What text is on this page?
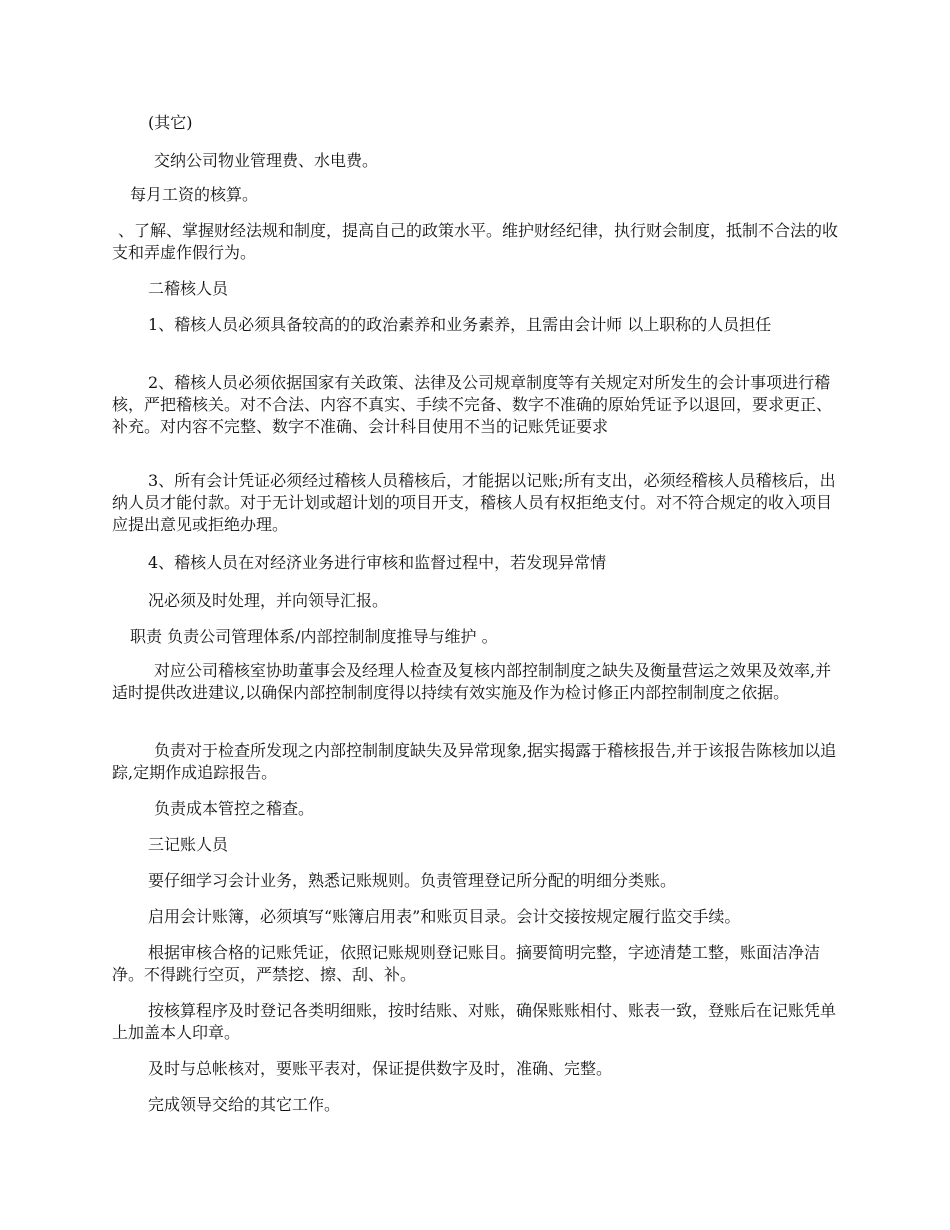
(其它)

交纳公司物业管理费、水电费。

每月工资的核算。

、了解、掌握财经法规和制度，提高自己的政策水平。维护财经纪律，执行财会制度，抵制不合法的收支和弄虚作假行为。

二稽核人员

1、稽核人员必须具备较高的的政治素养和业务素养，且需由会计师 以上职称的人员担任

2、稽核人员必须依据国家有关政策、法律及公司规章制度等有关规定对所发生的会计事项进行稽核，严把稽核关。对不合法、内容不真实、手续不完备、数字不准确的原始凭证予以退回，要求更正、补充。对内容不完整、数字不准确、会计科目使用不当的记账凭证要求

3、所有会计凭证必须经过稽核人员稽核后，才能据以记账;所有支出，必须经稽核人员稽核后，出纳人员才能付款。对于无计划或超计划的项目开支，稽核人员有权拒绝支付。对不符合规定的收入项目应提出意见或拒绝办理。

4、稽核人员在对经济业务进行审核和监督过程中，若发现异常情

况必须及时处理，并向领导汇报。

职责 负责公司管理体系/内部控制制度推导与维护 。

对应公司稽核室协助董事会及经理人检查及复核内部控制制度之缺失及衡量营运之效果及效率,并适时提供改进建议,以确保内部控制制度得以持续有效实施及作为检讨修正内部控制制度之依据。

负责对于检查所发现之内部控制制度缺失及异常现象,据实揭露于稽核报告,并于该报告陈核加以追踪,定期作成追踪报告。

负责成本管控之稽查。

三记账人员

要仔细学习会计业务，熟悉记账规则。负责管理登记所分配的明细分类账。

启用会计账簿，必须填写“账簿启用表”和账页目录。会计交接按规定履行监交手续。

根据审核合格的记账凭证，依照记账规则登记账目。摘要简明完整，字迹清楚工整，账面洁净洁净。不得跳行空页，严禁挖、擦、刮、补。

按核算程序及时登记各类明细账，按时结账、对账，确保账账相付、账表一致，登账后在记账凭单上加盖本人印章。

及时与总帐核对，要账平表对，保证提供数字及时，准确、完整。

完成领导交给的其它工作。
